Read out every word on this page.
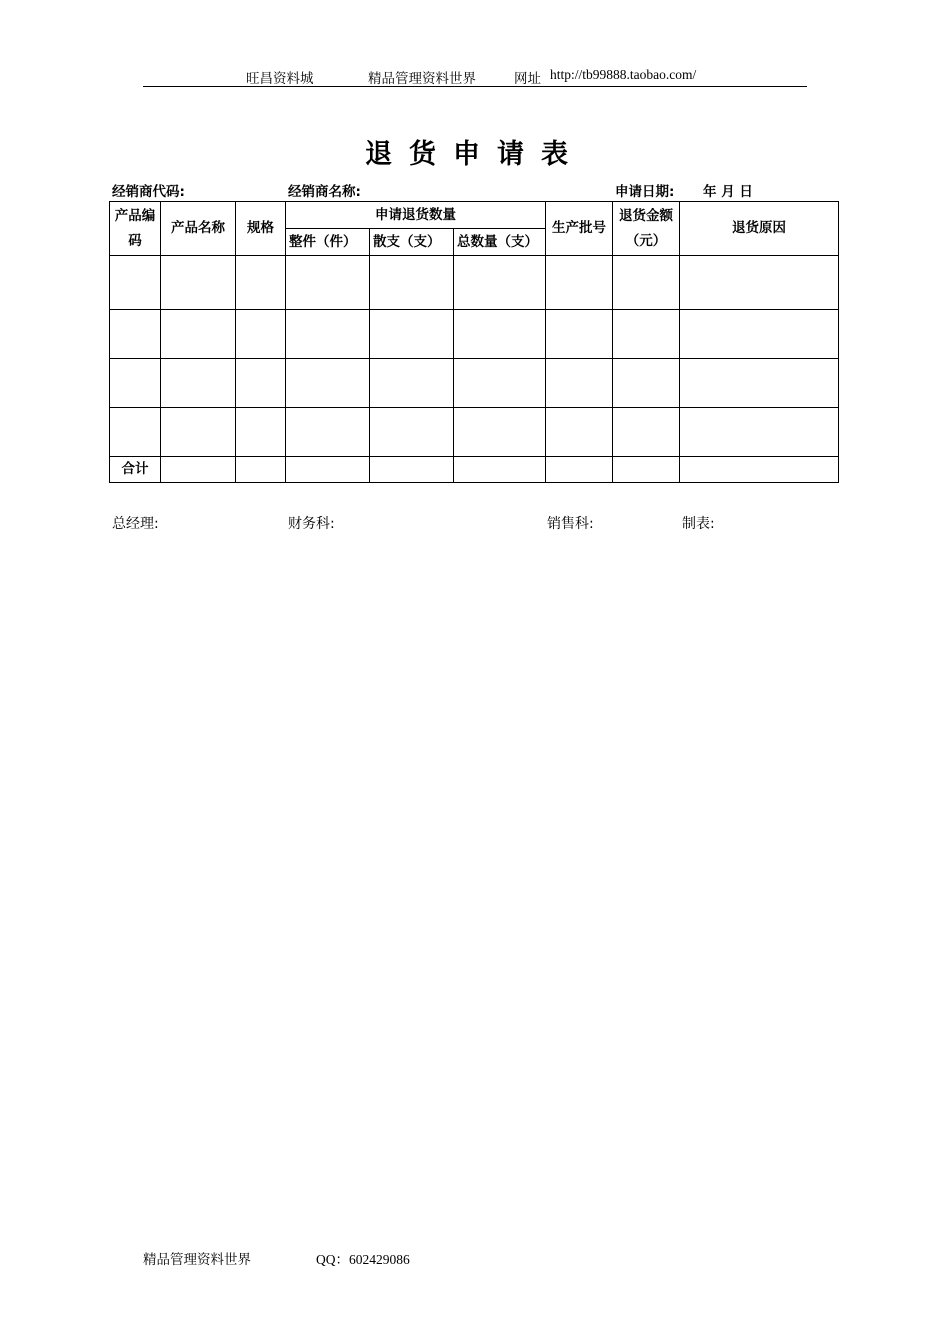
旺昌资料城	精品管理资料世界	网址 http://tb99888.taobao.com/
退货申请表
经销商代码:	经销商名称:	申请日期: 年 月 日
产品编码	产品名称	规格	申请退货数量			生产批号	退货金额（元）	退货原因
			整件（件）	散支（支）	总数量（支）			

合计								
总经理:	财务科:	销售科:	制表:
精品管理资料世界	QQ：602429086
